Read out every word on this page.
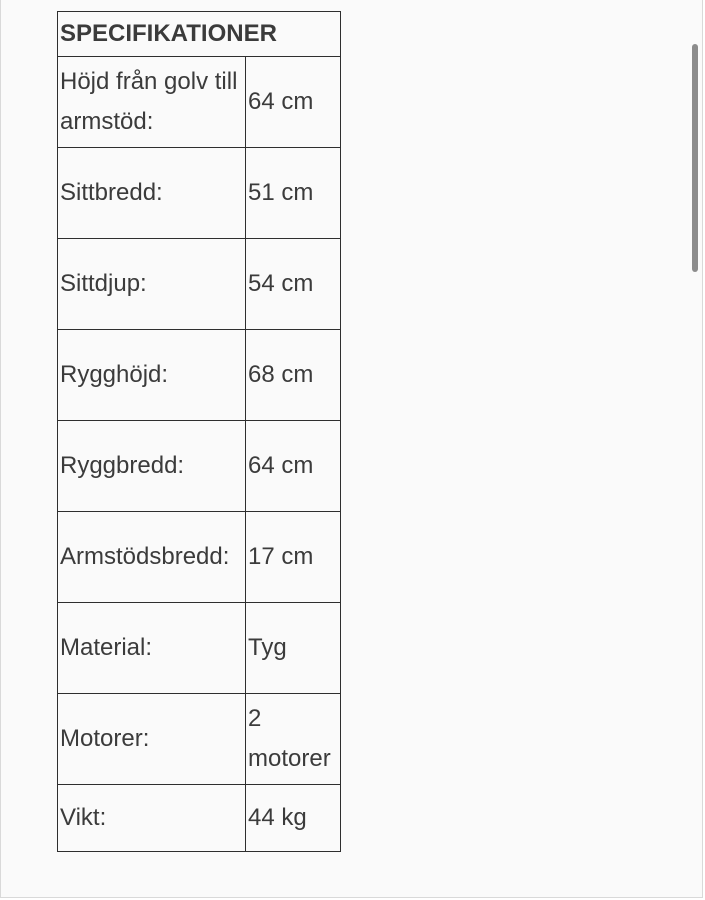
SPECIFIKATIONER	
Höjd från golv till armstöd:	64 cm
Sittbredd:	51 cm
Sittdjup:	54 cm
Rygghöjd:	68 cm
Ryggbredd:	64 cm
Armstödsbredd:	17 cm
Material:	Tyg
Motorer:	2 motorer
Vikt:	44 kg
